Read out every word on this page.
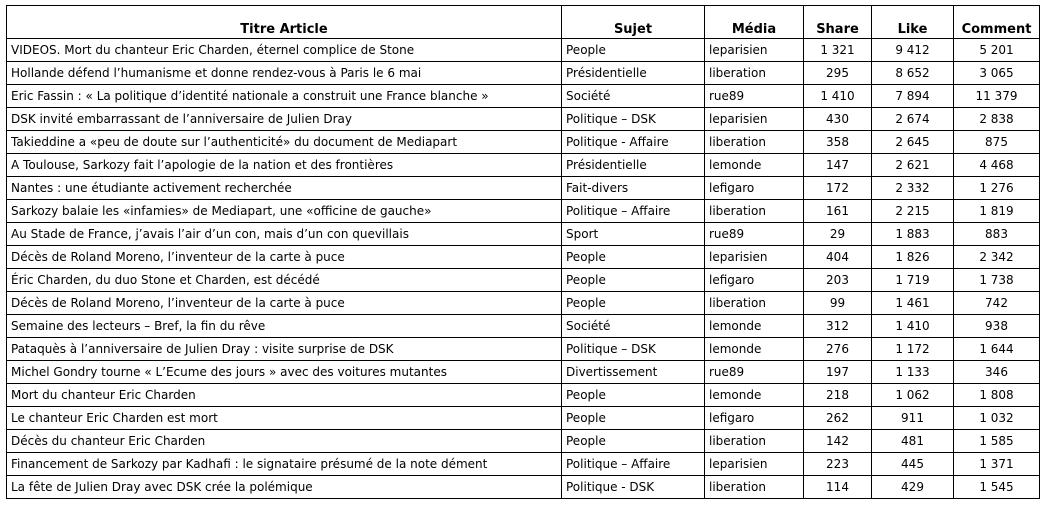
Titre Article	Sujet	Média	Share	Like	Comment
VIDEOS. Mort du chanteur Eric Charden, éternel complice de Stone	People	leparisien	1 321	9 412	5 201
Hollande défend l’humanisme et donne rendez-vous à Paris le 6 mai	Présidentielle	liberation	295	8 652	3 065
Eric Fassin : « La politique d’identité nationale a construit une France blanche »	Société	rue89	1 410	7 894	11 379
DSK invité embarrassant de l’anniversaire de Julien Dray	Politique – DSK	leparisien	430	2 674	2 838
Takieddine a «peu de doute sur l’authenticité» du document de Mediapart	Politique - Affaire	liberation	358	2 645	875
A Toulouse, Sarkozy fait l’apologie de la nation et des frontières	Présidentielle	lemonde	147	2 621	4 468
Nantes : une étudiante activement recherchée	Fait-divers	lefigaro	172	2 332	1 276
Sarkozy balaie les «infamies» de Mediapart, une «officine de gauche»	Politique – Affaire	liberation	161	2 215	1 819
Au Stade de France, j’avais l’air d’un con, mais d’un con quevillais	Sport	rue89	29	1 883	883
Décès de Roland Moreno, l’inventeur de la carte à puce	People	leparisien	404	1 826	2 342
Éric Charden, du duo Stone et Charden, est décédé	People	lefigaro	203	1 719	1 738
Décès de Roland Moreno, l’inventeur de la carte à puce	People	liberation	99	1 461	742
Semaine des lecteurs – Bref, la fin du rêve	Société	lemonde	312	1 410	938
Pataquès à l’anniversaire de Julien Dray : visite surprise de DSK	Politique – DSK	lemonde	276	1 172	1 644
Michel Gondry tourne « L’Ecume des jours » avec des voitures mutantes	Divertissement	rue89	197	1 133	346
Mort du chanteur Eric Charden	People	lemonde	218	1 062	1 808
Le chanteur Eric Charden est mort	People	lefigaro	262	911	1 032
Décès du chanteur Eric Charden	People	liberation	142	481	1 585
Financement de Sarkozy par Kadhafi : le signataire présumé de la note dément	Politique – Affaire	leparisien	223	445	1 371
La fête de Julien Dray avec DSK crée la polémique	Politique - DSK	liberation	114	429	1 545
